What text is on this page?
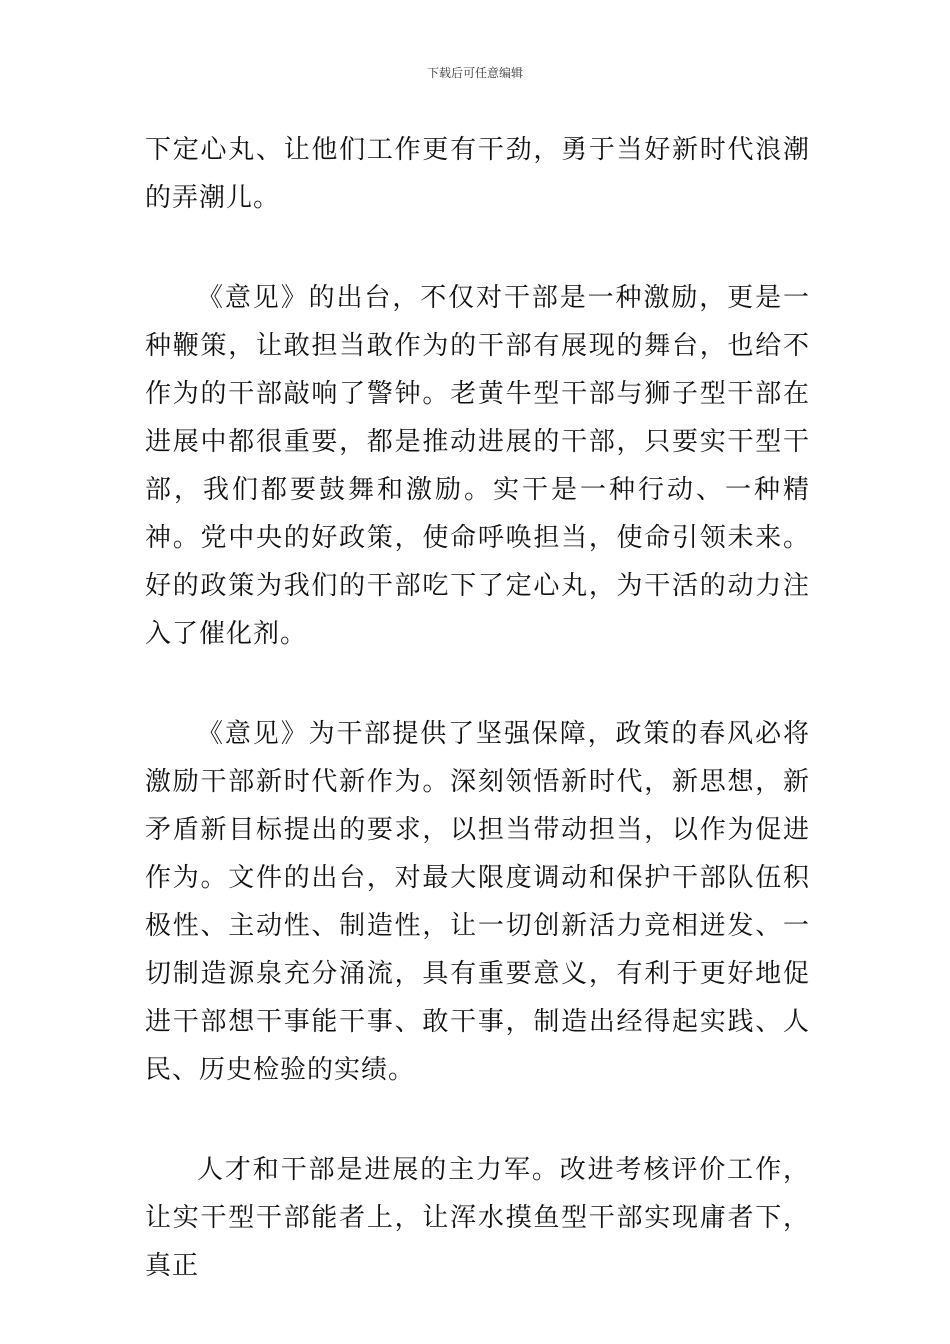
下载后可任意编辑

下定心丸、让他们工作更有干劲，勇于当好新时代浪潮的弄潮儿。

《意见》的出台，不仅对干部是一种激励，更是一种鞭策，让敢担当敢作为的干部有展现的舞台，也给不作为的干部敲响了警钟。老黄牛型干部与狮子型干部在进展中都很重要，都是推动进展的干部，只要实干型干部，我们都要鼓舞和激励。实干是一种行动、一种精神。党中央的好政策，使命呼唤担当，使命引领未来。好的政策为我们的干部吃下了定心丸，为干活的动力注入了催化剂。

《意见》为干部提供了坚强保障，政策的春风必将激励干部新时代新作为。深刻领悟新时代，新思想，新矛盾新目标提出的要求，以担当带动担当，以作为促进作为。文件的出台，对最大限度调动和保护干部队伍积极性、主动性、制造性，让一切创新活力竞相迸发、一切制造源泉充分涌流，具有重要意义，有利于更好地促进干部想干事能干事、敢干事，制造出经得起实践、人民、历史检验的实绩。

人才和干部是进展的主力军。改进考核评价工作，让实干型干部能者上，让浑水摸鱼型干部实现庸者下，真正
